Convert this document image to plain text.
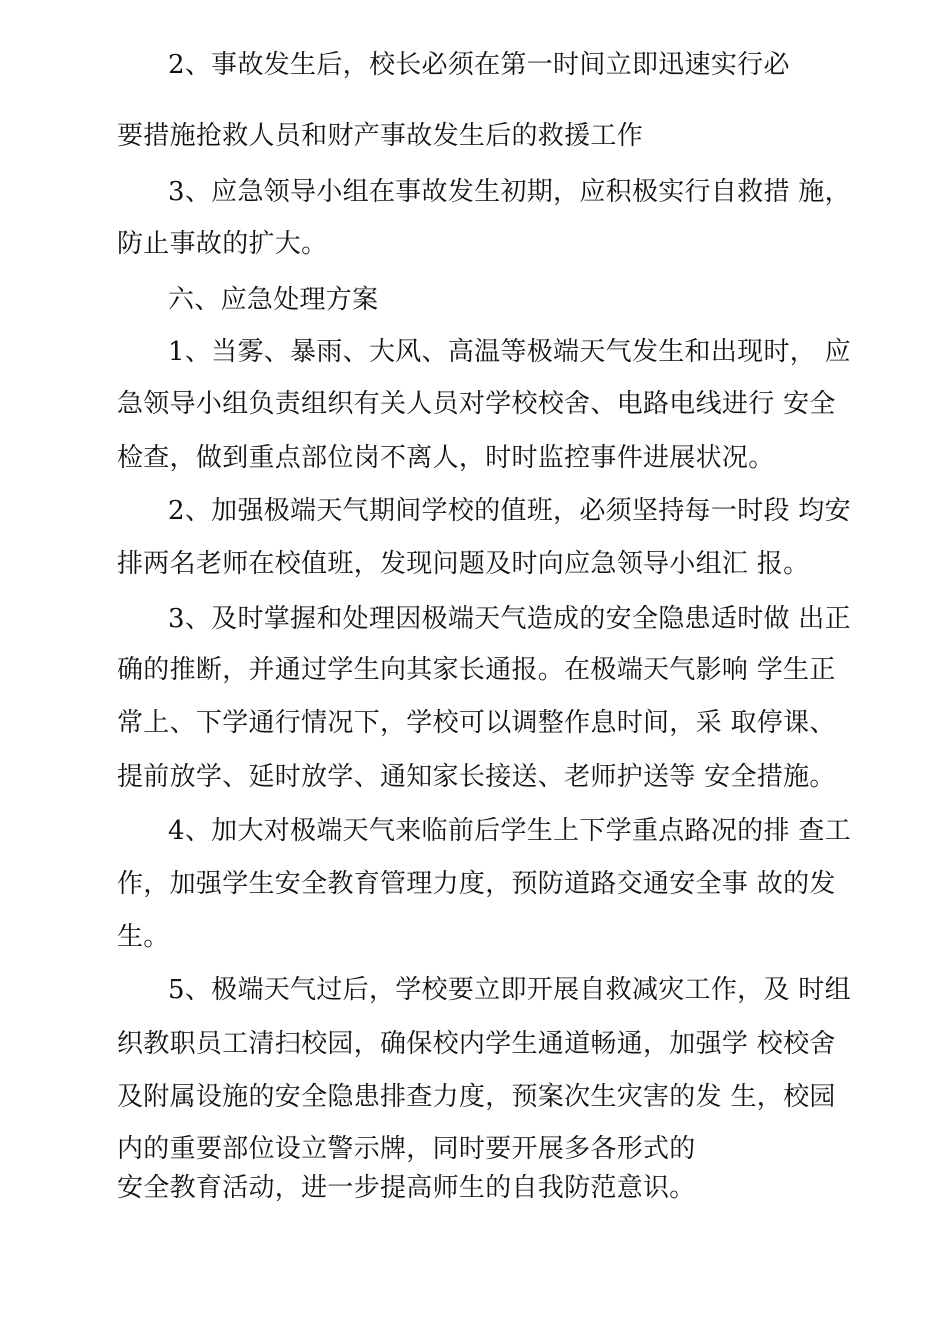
2、事故发生后，校长必须在第一时间立即迅速实行必
要措施抢救人员和财产事故发生后的救援工作
3、应急领导小组在事故发生初期，应积极实行自救措 施，
防止事故的扩大。
六、应急处理方案
1、当雾、暴雨、大风、高温等极端天气发生和出现时， 应
急领导小组负责组织有关人员对学校校舍、电路电线进行 安全
检查，做到重点部位岗不离人，时时监控事件进展状况。
2、加强极端天气期间学校的值班，必须坚持每一时段 均安
排两名老师在校值班，发现问题及时向应急领导小组汇 报。
3、及时掌握和处理因极端天气造成的安全隐患适时做 出正
确的推断，并通过学生向其家长通报。在极端天气影响 学生正
常上、下学通行情况下，学校可以调整作息时间，采 取停课、
提前放学、延时放学、通知家长接送、老师护送等 安全措施。
4、加大对极端天气来临前后学生上下学重点路况的排 查工
作，加强学生安全教育管理力度，预防道路交通安全事 故的发
生。
5、极端天气过后，学校要立即开展自救减灾工作，及 时组
织教职员工清扫校园，确保校内学生通道畅通，加强学 校校舍
及附属设施的安全隐患排查力度，预案次生灾害的发 生，校园
内的重要部位设立警示牌，同时要开展多各形式的
安全教育活动，进一步提高师生的自我防范意识。
